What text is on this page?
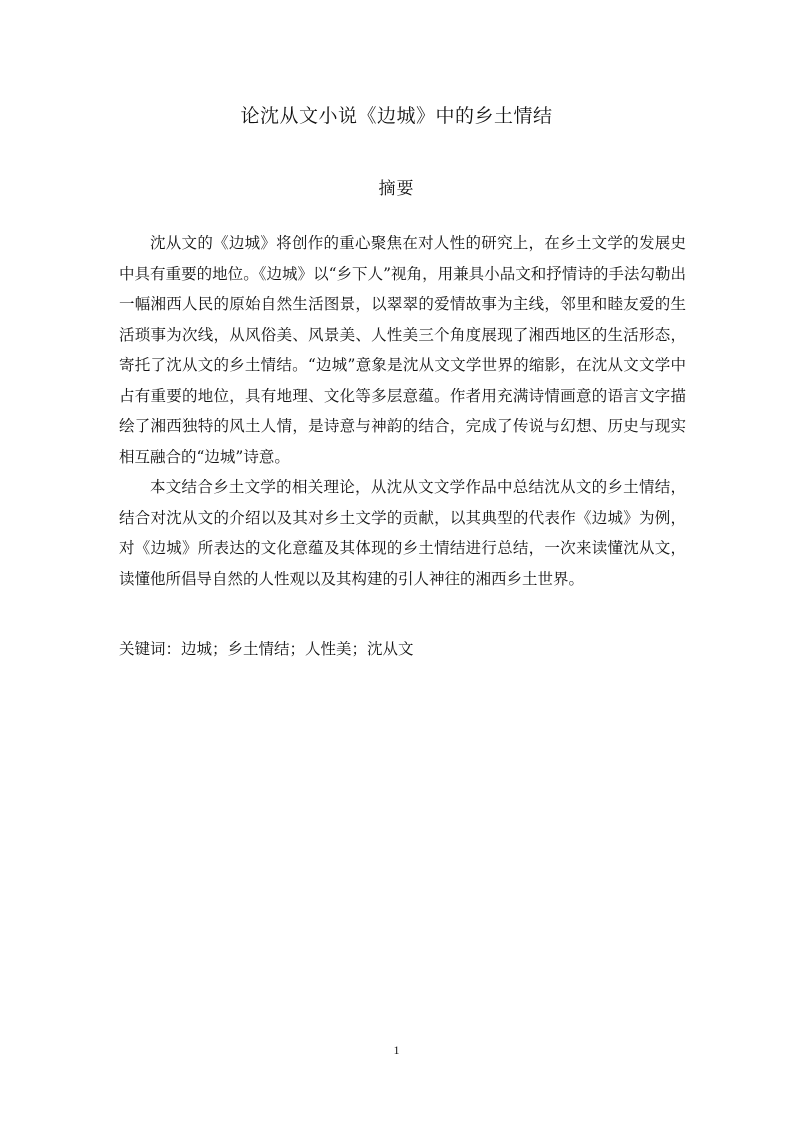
论沈从文小说《边城》中的乡土情结
摘要

沈从文的《边城》将创作的重心聚焦在对人性的研究上，在乡土文学的发展史中具有重要的地位。《边城》以“乡下人”视角，用兼具小品文和抒情诗的手法勾勒出一幅湘西人民的原始自然生活图景，以翠翠的爱情故事为主线，邻里和睦友爱的生活琐事为次线，从风俗美、风景美、人性美三个角度展现了湘西地区的生活形态，寄托了沈从文的乡土情结。“边城”意象是沈从文文学世界的缩影，在沈从文文学中占有重要的地位，具有地理、文化等多层意蕴。作者用充满诗情画意的语言文字描绘了湘西独特的风土人情，是诗意与神韵的结合，完成了传说与幻想、历史与现实相互融合的“边城”诗意。

本文结合乡土文学的相关理论，从沈从文文学作品中总结沈从文的乡土情结，结合对沈从文的介绍以及其对乡土文学的贡献，以其典型的代表作《边城》为例，对《边城》所表达的文化意蕴及其体现的乡土情结进行总结，一次来读懂沈从文，读懂他所倡导自然的人性观以及其构建的引人神往的湘西乡土世界。

关键词：边城；乡土情结；人性美；沈从文
1
